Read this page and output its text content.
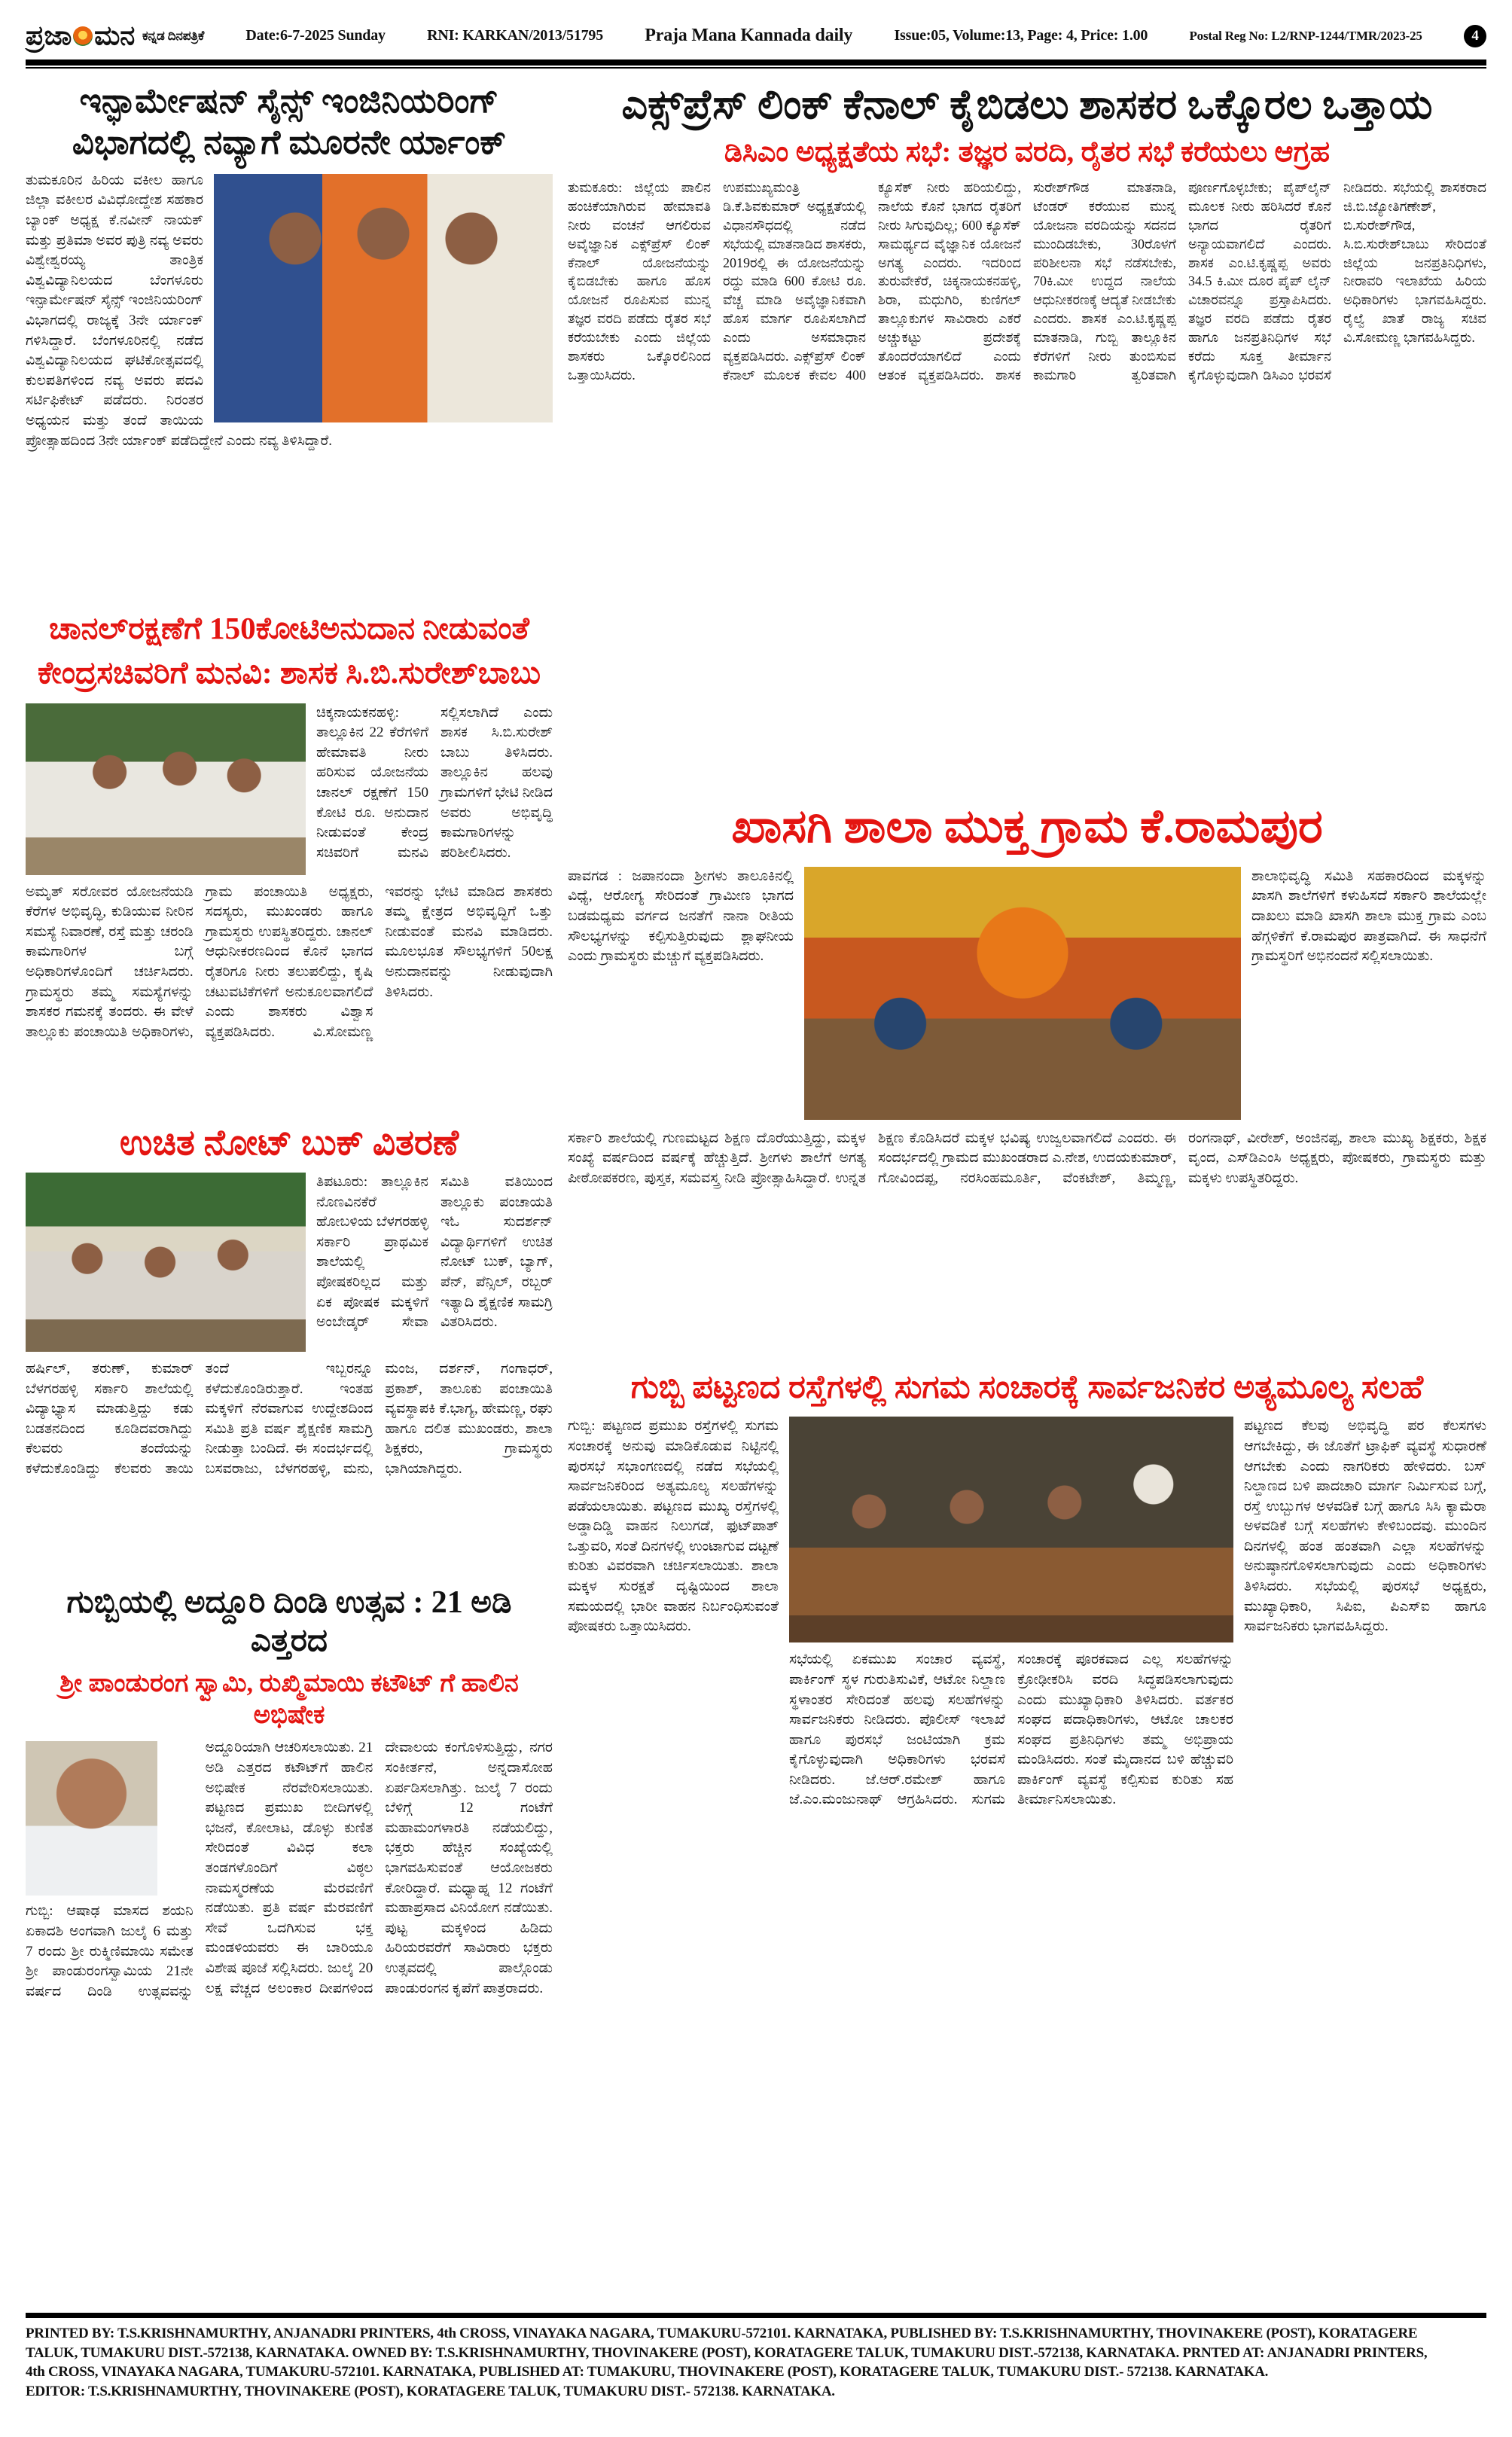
ಪ್ರಜಾ ಮನ ಕನ್ನಡ ದಿನಪತ್ರಿಕೆ	Date:6-7-2025 Sunday	RNI: KARKAN/2013/51795 Praja Mana Kannada daily	Issue:05, Volume:13, Page: 4, Price: 1.00	Postal Reg No: L2/RNP-1244/TMR/2023-25	4
ಇನ್ಫಾರ್ಮೇಷನ್ ಸೈನ್ಸ್ ಇಂಜಿನಿಯರಿಂಗ್ ವಿಭಾಗದಲ್ಲಿ ನವ್ಯಾಗೆ ಮೂರನೇ ರ್ಯಾಂಕ್
ತುಮಕೂರಿನ ಹಿರಿಯ ವಕೀಲ ಹಾಗೂ ಜಿಲ್ಲಾ ವಕೀಲರ ವಿವಿಧೋದ್ದೇಶ ಸಹಕಾರ ಬ್ಯಾಂಕ್ ಅಧ್ಯಕ್ಷ ಕೆ.ನವೀನ್ ನಾಯಕ್ ಮತ್ತು ಪ್ರತಿಮಾ ಅವರ ಪುತ್ರಿ ನವ್ಯ ಅವರು ವಿಶ್ವೇಶ್ವರಯ್ಯ ತಾಂತ್ರಿಕ ವಿಶ್ವವಿದ್ಯಾನಿಲಯದ ಬೆಂಗಳೂರು ಇನ್ಫಾರ್ಮೇಷನ್ ಸೈನ್ಸ್ ಇಂಜಿನಿಯರಿಂಗ್ ವಿಭಾಗದಲ್ಲಿ ರಾಜ್ಯಕ್ಕೆ 3ನೇ ರ್ಯಾಂಕ್ ಗಳಿಸಿದ್ದಾರೆ. ಬೆಂಗಳೂರಿನಲ್ಲಿ ನಡೆದ ವಿಶ್ವವಿದ್ಯಾನಿಲಯದ ಘಟಿಕೋತ್ಸವದಲ್ಲಿ ಕುಲಪತಿಗಳಿಂದ ನವ್ಯ ಅವರು ಪದವಿ ಸರ್ಟಿಫಿಕೇಟ್ ಪಡೆದರು. ನಿರಂತರ ಅಧ್ಯಯನ ಮತ್ತು ತಂದೆ ತಾಯಿಯ ಪ್ರೋತ್ಸಾಹದಿಂದ 3ನೇ ರ್ಯಾಂಕ್ ಪಡೆದಿದ್ದೇನೆ ಎಂದು ನವ್ಯ ತಿಳಿಸಿದ್ದಾರೆ.
ಚಾನಲ್‌ರಕ್ಷಣೆಗೆ 150ಕೋಟಿಅನುದಾನ ನೀಡುವಂತೆ ಕೇಂದ್ರಸಚಿವರಿಗೆ ಮನವಿ: ಶಾಸಕ ಸಿ.ಬಿ.ಸುರೇಶ್‌ಬಾಬು
ಚಿಕ್ಕನಾಯಕನಹಳ್ಳಿ: ತಾಲ್ಲೂಕಿನ 22 ಕೆರೆಗಳಿಗೆ ಹೇಮಾವತಿ ನೀರು ಹರಿಸುವ ಯೋಜನೆಯ ಚಾನಲ್ ರಕ್ಷಣೆಗೆ 150 ಕೋಟಿ ರೂ. ಅನುದಾನ ನೀಡುವಂತೆ ಕೇಂದ್ರ ಸಚಿವರಿಗೆ ಮನವಿ ಸಲ್ಲಿಸಲಾಗಿದೆ ಎಂದು ಶಾಸಕ ಸಿ.ಬಿ.ಸುರೇಶ್ ಬಾಬು ತಿಳಿಸಿದರು. ತಾಲ್ಲೂಕಿನ ಹಲವು ಗ್ರಾಮಗಳಿಗೆ ಭೇಟಿ ನೀಡಿದ ಅವರು ಅಭಿವೃದ್ಧಿ ಕಾಮಗಾರಿಗಳನ್ನು ಪರಿಶೀಲಿಸಿದರು.
ಅಮೃತ್ ಸರೋವರ ಯೋಜನೆಯಡಿ ಕೆರೆಗಳ ಅಭಿವೃದ್ಧಿ, ಕುಡಿಯುವ ನೀರಿನ ಸಮಸ್ಯೆ ನಿವಾರಣೆ, ರಸ್ತೆ ಮತ್ತು ಚರಂಡಿ ಕಾಮಗಾರಿಗಳ ಬಗ್ಗೆ ಅಧಿಕಾರಿಗಳೊಂದಿಗೆ ಚರ್ಚಿಸಿದರು. ಗ್ರಾಮಸ್ಥರು ತಮ್ಮ ಸಮಸ್ಯೆಗಳನ್ನು ಶಾಸಕರ ಗಮನಕ್ಕೆ ತಂದರು. ಈ ವೇಳೆ ತಾಲ್ಲೂಕು ಪಂಚಾಯಿತಿ ಅಧಿಕಾರಿಗಳು, ಗ್ರಾಮ ಪಂಚಾಯಿತಿ ಅಧ್ಯಕ್ಷರು, ಸದಸ್ಯರು, ಮುಖಂಡರು ಹಾಗೂ ಗ್ರಾಮಸ್ಥರು ಉಪಸ್ಥಿತರಿದ್ದರು. ಚಾನಲ್ ಆಧುನೀಕರಣದಿಂದ ಕೊನೆ ಭಾಗದ ರೈತರಿಗೂ ನೀರು ತಲುಪಲಿದ್ದು, ಕೃಷಿ ಚಟುವಟಿಕೆಗಳಿಗೆ ಅನುಕೂಲವಾಗಲಿದೆ ಎಂದು ಶಾಸಕರು ವಿಶ್ವಾಸ ವ್ಯಕ್ತಪಡಿಸಿದರು. ವಿ.ಸೋಮಣ್ಣ ಇವರನ್ನು ಭೇಟಿ ಮಾಡಿದ ಶಾಸಕರು ತಮ್ಮ ಕ್ಷೇತ್ರದ ಅಭಿವೃದ್ಧಿಗೆ ಒತ್ತು ನೀಡುವಂತೆ ಮನವಿ ಮಾಡಿದರು. ಮೂಲಭೂತ ಸೌಲಭ್ಯಗಳಿಗೆ 50ಲಕ್ಷ ಅನುದಾನವನ್ನು ನೀಡುವುದಾಗಿ ತಿಳಿಸಿದರು.
ಉಚಿತ ನೋಟ್ ಬುಕ್ ವಿತರಣೆ
ತಿಪಟೂರು: ತಾಲ್ಲೂಕಿನ ನೊಣವಿನಕೆರೆ ಹೋಬಳಿಯ ಬೆಳಗರಹಳ್ಳಿ ಸರ್ಕಾರಿ ಪ್ರಾಥಮಿಕ ಶಾಲೆಯಲ್ಲಿ ಪೋಷಕರಿಲ್ಲದ ಮತ್ತು ಏಕ ಪೋಷಕ ಮಕ್ಕಳಿಗೆ ಅಂಬೇಡ್ಕರ್ ಸೇವಾ ಸಮಿತಿ ವತಿಯಿಂದ ತಾಲ್ಲೂಕು ಪಂಚಾಯತಿ ಇಓ ಸುದರ್ಶನ್ ವಿದ್ಯಾರ್ಥಿಗಳಿಗೆ ಉಚಿತ ನೋಟ್ ಬುಕ್, ಬ್ಯಾಗ್, ಪೆನ್, ಪೆನ್ಸಿಲ್, ರಬ್ಬರ್ ಇತ್ಯಾದಿ ಶೈಕ್ಷಣಿಕ ಸಾಮಗ್ರಿ ವಿತರಿಸಿದರು.
ಹರ್ಷಿಲ್, ತರುಣ್, ಕುಮಾರ್ ಬೆಳಗರಹಳ್ಳಿ ಸರ್ಕಾರಿ ಶಾಲೆಯಲ್ಲಿ ವಿದ್ಯಾಭ್ಯಾಸ ಮಾಡುತ್ತಿದ್ದು ಕಡು ಬಡತನದಿಂದ ಕೂಡಿದವರಾಗಿದ್ದು ಕೆಲವರು ತಂದೆಯನ್ನು ಕಳೆದುಕೊಂಡಿದ್ದು ಕೆಲವರು ತಾಯಿ ತಂದೆ ಇಬ್ಬರನ್ನೂ ಕಳೆದುಕೊಂಡಿರುತ್ತಾರೆ. ಇಂತಹ ಮಕ್ಕಳಿಗೆ ನೆರವಾಗುವ ಉದ್ದೇಶದಿಂದ ಸಮಿತಿ ಪ್ರತಿ ವರ್ಷ ಶೈಕ್ಷಣಿಕ ಸಾಮಗ್ರಿ ನೀಡುತ್ತಾ ಬಂದಿದೆ. ಈ ಸಂದರ್ಭದಲ್ಲಿ ಬಸವರಾಜು, ಬೆಳಗರಹಳ್ಳಿ, ಮನು, ಮಂಜ, ದರ್ಶನ್, ಗಂಗಾಧರ್, ಪ್ರಕಾಶ್, ತಾಲೂಕು ಪಂಚಾಯಿತಿ ವ್ಯವಸ್ಥಾಪಕಿ ಕೆ.ಭಾಗ್ಯ, ಹೇಮಣ್ಣ, ರಘು ಹಾಗೂ ದಲಿತ ಮುಖಂಡರು, ಶಾಲಾ ಶಿಕ್ಷಕರು, ಗ್ರಾಮಸ್ಥರು ಭಾಗಿಯಾಗಿದ್ದರು.
ಗುಬ್ಬಿಯಲ್ಲಿ ಅದ್ದೂರಿ ದಿಂಡಿ ಉತ್ಸವ : 21 ಅಡಿ ಎತ್ತರದ
ಶ್ರೀ ಪಾಂಡುರಂಗ ಸ್ವಾಮಿ, ರುಖ್ಮಿಮಾಯಿ ಕಟೌಟ್ ಗೆ ಹಾಲಿನ ಅಭಿಷೇಕ
ಗುಬ್ಬಿ: ಆಷಾಢ ಮಾಸದ ಶಯನಿ ಏಕಾದಶಿ ಅಂಗವಾಗಿ ಜುಲೈ 6 ಮತ್ತು 7 ರಂದು ಶ್ರೀ ರುಕ್ಮಿಣಿಮಾಯಿ ಸಮೇತ ಶ್ರೀ ಪಾಂಡುರಂಗಸ್ವಾಮಿಯ 21ನೇ ವರ್ಷದ ದಿಂಡಿ ಉತ್ಸವವನ್ನು ಅದ್ದೂರಿಯಾಗಿ ಆಚರಿಸಲಾಯಿತು. 21 ಅಡಿ ಎತ್ತರದ ಕಟೌಟ್‌ಗೆ ಹಾಲಿನ ಅಭಿಷೇಕ ನೆರವೇರಿಸಲಾಯಿತು. ಪಟ್ಟಣದ ಪ್ರಮುಖ ಬೀದಿಗಳಲ್ಲಿ ಭಜನೆ, ಕೋಲಾಟ, ಡೊಳ್ಳು ಕುಣಿತ ಸೇರಿದಂತೆ ವಿವಿಧ ಕಲಾ ತಂಡಗಳೊಂದಿಗೆ ವಿಠ್ಠಲ ನಾಮಸ್ಮರಣೆಯ ಮೆರವಣಿಗೆ ನಡೆಯಿತು. ಪ್ರತಿ ವರ್ಷ ಮೆರವಣಿಗೆ ಸೇವೆ ಒದಗಿಸುವ ಭಕ್ತ ಮಂಡಳಿಯವರು ಈ ಬಾರಿಯೂ ವಿಶೇಷ ಪೂಜೆ ಸಲ್ಲಿಸಿದರು. ಜುಲೈ 20 ಲಕ್ಷ ವೆಚ್ಚದ ಅಲಂಕಾರ ದೀಪಗಳಿಂದ ದೇವಾಲಯ ಕಂಗೊಳಿಸುತ್ತಿದ್ದು, ನಗರ ಸಂಕೀರ್ತನೆ, ಅನ್ನದಾಸೋಹ ಏರ್ಪಡಿಸಲಾಗಿತ್ತು. ಜುಲೈ 7 ರಂದು ಬೆಳಿಗ್ಗೆ 12 ಗಂಟೆಗೆ ಮಹಾಮಂಗಳಾರತಿ ನಡೆಯಲಿದ್ದು, ಭಕ್ತರು ಹೆಚ್ಚಿನ ಸಂಖ್ಯೆಯಲ್ಲಿ ಭಾಗವಹಿಸುವಂತೆ ಆಯೋಜಕರು ಕೋರಿದ್ದಾರೆ. ಮಧ್ಯಾಹ್ನ 12 ಗಂಟೆಗೆ ಮಹಾಪ್ರಸಾದ ವಿನಿಯೋಗ ನಡೆಯಿತು. ಪುಟ್ಟ ಮಕ್ಕಳಿಂದ ಹಿಡಿದು ಹಿರಿಯರವರೆಗೆ ಸಾವಿರಾರು ಭಕ್ತರು ಉತ್ಸವದಲ್ಲಿ ಪಾಲ್ಗೊಂಡು ಪಾಂಡುರಂಗನ ಕೃಪೆಗೆ ಪಾತ್ರರಾದರು.
ಎಕ್ಸ್‌ಪ್ರೆಸ್ ಲಿಂಕ್ ಕೆನಾಲ್ ಕೈಬಿಡಲು ಶಾಸಕರ ಒಕ್ಕೊರಲ ಒತ್ತಾಯ
ಡಿಸಿಎಂ ಅಧ್ಯಕ್ಷತೆಯ ಸಭೆ: ತಜ್ಞರ ವರದಿ, ರೈತರ ಸಭೆ ಕರೆಯಲು ಆಗ್ರಹ
ತುಮಕೂರು: ಜಿಲ್ಲೆಯ ಪಾಲಿನ ಹಂಚಿಕೆಯಾಗಿರುವ ಹೇಮಾವತಿ ನೀರು ವಂಚನೆ ಆಗಲಿರುವ ಅವೈಜ್ಞಾನಿಕ ಎಕ್ಸ್‌ಪ್ರೆಸ್ ಲಿಂಕ್ ಕೆನಾಲ್ ಯೋಜನೆಯನ್ನು ಕೈಬಿಡಬೇಕು ಹಾಗೂ ಹೊಸ ಯೋಜನೆ ರೂಪಿಸುವ ಮುನ್ನ ತಜ್ಞರ ವರದಿ ಪಡೆದು ರೈತರ ಸಭೆ ಕರೆಯಬೇಕು ಎಂದು ಜಿಲ್ಲೆಯ ಶಾಸಕರು ಒಕ್ಕೊರಲಿನಿಂದ ಒತ್ತಾಯಿಸಿದರು. ಉಪಮುಖ್ಯಮಂತ್ರಿ ಡಿ.ಕೆ.ಶಿವಕುಮಾರ್ ಅಧ್ಯಕ್ಷತೆಯಲ್ಲಿ ವಿಧಾನಸೌಧದಲ್ಲಿ ನಡೆದ ಸಭೆಯಲ್ಲಿ ಮಾತನಾಡಿದ ಶಾಸಕರು, 2019ರಲ್ಲಿ ಈ ಯೋಜನೆಯನ್ನು ರದ್ದು ಮಾಡಿ 600 ಕೋಟಿ ರೂ. ವೆಚ್ಚ ಮಾಡಿ ಅವೈಜ್ಞಾನಿಕವಾಗಿ ಹೊಸ ಮಾರ್ಗ ರೂಪಿಸಲಾಗಿದೆ ಎಂದು ಅಸಮಾಧಾನ ವ್ಯಕ್ತಪಡಿಸಿದರು. ಎಕ್ಸ್‌ಪ್ರೆಸ್ ಲಿಂಕ್ ಕೆನಾಲ್ ಮೂಲಕ ಕೇವಲ 400 ಕ್ಯೂಸೆಕ್ ನೀರು ಹರಿಯಲಿದ್ದು, ನಾಲೆಯ ಕೊನೆ ಭಾಗದ ರೈತರಿಗೆ ನೀರು ಸಿಗುವುದಿಲ್ಲ; 600 ಕ್ಯೂಸೆಕ್ ಸಾಮರ್ಥ್ಯದ ವೈಜ್ಞಾನಿಕ ಯೋಜನೆ ಅಗತ್ಯ ಎಂದರು. ಇದರಿಂದ ತುರುವೇಕೆರೆ, ಚಿಕ್ಕನಾಯಕನಹಳ್ಳಿ, ಶಿರಾ, ಮಧುಗಿರಿ, ಕುಣಿಗಲ್ ತಾಲ್ಲೂಕುಗಳ ಸಾವಿರಾರು ಎಕರೆ ಅಚ್ಚುಕಟ್ಟು ಪ್ರದೇಶಕ್ಕೆ ತೊಂದರೆಯಾಗಲಿದೆ ಎಂದು ಆತಂಕ ವ್ಯಕ್ತಪಡಿಸಿದರು. ಶಾಸಕ ಸುರೇಶ್‌ಗೌಡ ಮಾತನಾಡಿ, ಟೆಂಡರ್ ಕರೆಯುವ ಮುನ್ನ ಯೋಜನಾ ವರದಿಯನ್ನು ಸದನದ ಮುಂದಿಡಬೇಕು, 30ರೊಳಗೆ ಪರಿಶೀಲನಾ ಸಭೆ ನಡೆಸಬೇಕು, 70ಕಿ.ಮೀ ಉದ್ದದ ನಾಲೆಯ ಆಧುನೀಕರಣಕ್ಕೆ ಆದ್ಯತೆ ನೀಡಬೇಕು ಎಂದರು. ಶಾಸಕ ಎಂ.ಟಿ.ಕೃಷ್ಣಪ್ಪ ಮಾತನಾಡಿ, ಗುಬ್ಬಿ ತಾಲ್ಲೂಕಿನ ಕೆರೆಗಳಿಗೆ ನೀರು ತುಂಬಿಸುವ ಕಾಮಗಾರಿ ತ್ವರಿತವಾಗಿ ಪೂರ್ಣಗೊಳ್ಳಬೇಕು; ಪೈಪ್‌ಲೈನ್ ಮೂಲಕ ನೀರು ಹರಿಸಿದರೆ ಕೊನೆ ಭಾಗದ ರೈತರಿಗೆ ಅನ್ಯಾಯವಾಗಲಿದೆ ಎಂದರು. ಶಾಸಕ ಎಂ.ಟಿ.ಕೃಷ್ಣಪ್ಪ ಅವರು 34.5 ಕಿ.ಮೀ ದೂರ ಪೈಪ್ ಲೈನ್ ವಿಚಾರವನ್ನೂ ಪ್ರಸ್ತಾಪಿಸಿದರು. ತಜ್ಞರ ವರದಿ ಪಡೆದು ರೈತರ ಹಾಗೂ ಜನಪ್ರತಿನಿಧಿಗಳ ಸಭೆ ಕರೆದು ಸೂಕ್ತ ತೀರ್ಮಾನ ಕೈಗೊಳ್ಳುವುದಾಗಿ ಡಿಸಿಎಂ ಭರವಸೆ ನೀಡಿದರು. ಸಭೆಯಲ್ಲಿ ಶಾಸಕರಾದ ಜಿ.ಬಿ.ಜ್ಯೋತಿಗಣೇಶ್, ಬಿ.ಸುರೇಶ್‌ಗೌಡ, ಸಿ.ಬಿ.ಸುರೇಶ್‌ಬಾಬು ಸೇರಿದಂತೆ ಜಿಲ್ಲೆಯ ಜನಪ್ರತಿನಿಧಿಗಳು, ನೀರಾವರಿ ಇಲಾಖೆಯ ಹಿರಿಯ ಅಧಿಕಾರಿಗಳು ಭಾಗವಹಿಸಿದ್ದರು. ರೈಲ್ವೆ ಖಾತೆ ರಾಜ್ಯ ಸಚಿವ ವಿ.ಸೋಮಣ್ಣ ಭಾಗವಹಿಸಿದ್ದರು.
ಖಾಸಗಿ ಶಾಲಾ ಮುಕ್ತ ಗ್ರಾಮ ಕೆ.ರಾಮಪುರ
ಪಾವಗಡ : ಜಪಾನಂದಾ ಶ್ರೀಗಳು ತಾಲೂಕಿನಲ್ಲಿ ವಿಧ್ಯೆ, ಆರೋಗ್ಯ ಸೇರಿದಂತೆ ಗ್ರಾಮೀಣ ಭಾಗದ ಬಡಮಧ್ಯಮ ವರ್ಗದ ಜನತೆಗೆ ನಾನಾ ರೀತಿಯ ಸೌಲಭ್ಯಗಳನ್ನು ಕಲ್ಪಿಸುತ್ತಿರುವುದು ಶ್ಲಾಘನೀಯ ಎಂದು ಗ್ರಾಮಸ್ಥರು ಮೆಚ್ಚುಗೆ ವ್ಯಕ್ತಪಡಿಸಿದರು.
ಶಾಲಾಭಿವೃದ್ಧಿ ಸಮಿತಿ ಸಹಕಾರದಿಂದ ಮಕ್ಕಳನ್ನು ಖಾಸಗಿ ಶಾಲೆಗಳಿಗೆ ಕಳುಹಿಸದೆ ಸರ್ಕಾರಿ ಶಾಲೆಯಲ್ಲೇ ದಾಖಲು ಮಾಡಿ ಖಾಸಗಿ ಶಾಲಾ ಮುಕ್ತ ಗ್ರಾಮ ಎಂಬ ಹೆಗ್ಗಳಿಕೆಗೆ ಕೆ.ರಾಮಪುರ ಪಾತ್ರವಾಗಿದೆ. ಈ ಸಾಧನೆಗೆ ಗ್ರಾಮಸ್ಥರಿಗೆ ಅಭಿನಂದನೆ ಸಲ್ಲಿಸಲಾಯಿತು.
ಸರ್ಕಾರಿ ಶಾಲೆಯಲ್ಲಿ ಗುಣಮಟ್ಟದ ಶಿಕ್ಷಣ ದೊರೆಯುತ್ತಿದ್ದು, ಮಕ್ಕಳ ಸಂಖ್ಯೆ ವರ್ಷದಿಂದ ವರ್ಷಕ್ಕೆ ಹೆಚ್ಚುತ್ತಿದೆ. ಶ್ರೀಗಳು ಶಾಲೆಗೆ ಅಗತ್ಯ ಪೀಠೋಪಕರಣ, ಪುಸ್ತಕ, ಸಮವಸ್ತ್ರ ನೀಡಿ ಪ್ರೋತ್ಸಾಹಿಸಿದ್ದಾರೆ. ಉನ್ನತ ಶಿಕ್ಷಣ ಕೊಡಿಸಿದರೆ ಮಕ್ಕಳ ಭವಿಷ್ಯ ಉಜ್ವಲವಾಗಲಿದೆ ಎಂದರು. ಈ ಸಂದರ್ಭದಲ್ಲಿ ಗ್ರಾಮದ ಮುಖಂಡರಾದ ಎ.ನೇಶ, ಉದಯಕುಮಾರ್, ಗೋವಿಂದಪ್ಪ, ನರಸಿಂಹಮೂರ್ತಿ, ವೆಂಕಟೇಶ್, ತಿಮ್ಮಣ್ಣ, ರಂಗನಾಥ್, ವೀರೇಶ್, ಅಂಜಿನಪ್ಪ, ಶಾಲಾ ಮುಖ್ಯ ಶಿಕ್ಷಕರು, ಶಿಕ್ಷಕ ವೃಂದ, ಎಸ್‌ಡಿಎಂಸಿ ಅಧ್ಯಕ್ಷರು, ಪೋಷಕರು, ಗ್ರಾಮಸ್ಥರು ಮತ್ತು ಮಕ್ಕಳು ಉಪಸ್ಥಿತರಿದ್ದರು.
ಗುಬ್ಬಿ ಪಟ್ಟಣದ ರಸ್ತೆಗಳಲ್ಲಿ ಸುಗಮ ಸಂಚಾರಕ್ಕೆ ಸಾರ್ವಜನಿಕರ ಅತ್ಯಮೂಲ್ಯ ಸಲಹೆ
ಗುಬ್ಬಿ: ಪಟ್ಟಣದ ಪ್ರಮುಖ ರಸ್ತೆಗಳಲ್ಲಿ ಸುಗಮ ಸಂಚಾರಕ್ಕೆ ಅನುವು ಮಾಡಿಕೊಡುವ ನಿಟ್ಟಿನಲ್ಲಿ ಪುರಸಭೆ ಸಭಾಂಗಣದಲ್ಲಿ ನಡೆದ ಸಭೆಯಲ್ಲಿ ಸಾರ್ವಜನಿಕರಿಂದ ಅತ್ಯಮೂಲ್ಯ ಸಲಹೆಗಳನ್ನು ಪಡೆಯಲಾಯಿತು. ಪಟ್ಟಣದ ಮುಖ್ಯ ರಸ್ತೆಗಳಲ್ಲಿ ಅಡ್ಡಾದಿಡ್ಡಿ ವಾಹನ ನಿಲುಗಡೆ, ಫುಟ್‌ಪಾತ್ ಒತ್ತುವರಿ, ಸಂತೆ ದಿನಗಳಲ್ಲಿ ಉಂಟಾಗುವ ದಟ್ಟಣೆ ಕುರಿತು ವಿವರವಾಗಿ ಚರ್ಚಿಸಲಾಯಿತು. ಶಾಲಾ ಮಕ್ಕಳ ಸುರಕ್ಷತೆ ದೃಷ್ಟಿಯಿಂದ ಶಾಲಾ ಸಮಯದಲ್ಲಿ ಭಾರೀ ವಾಹನ ನಿರ್ಬಂಧಿಸುವಂತೆ ಪೋಷಕರು ಒತ್ತಾಯಿಸಿದರು.
ಸಭೆಯಲ್ಲಿ ಏಕಮುಖ ಸಂಚಾರ ವ್ಯವಸ್ಥೆ, ಪಾರ್ಕಿಂಗ್ ಸ್ಥಳ ಗುರುತಿಸುವಿಕೆ, ಆಟೋ ನಿಲ್ದಾಣ ಸ್ಥಳಾಂತರ ಸೇರಿದಂತೆ ಹಲವು ಸಲಹೆಗಳನ್ನು ಸಾರ್ವಜನಿಕರು ನೀಡಿದರು. ಪೊಲೀಸ್ ಇಲಾಖೆ ಹಾಗೂ ಪುರಸಭೆ ಜಂಟಿಯಾಗಿ ಕ್ರಮ ಕೈಗೊಳ್ಳುವುದಾಗಿ ಅಧಿಕಾರಿಗಳು ಭರವಸೆ ನೀಡಿದರು. ಜೆ.ಆರ್.ರಮೇಶ್ ಹಾಗೂ ಜೆ.ಎಂ.ಮಂಜುನಾಥ್ ಆಗ್ರಹಿಸಿದರು. ಸುಗಮ ಸಂಚಾರಕ್ಕೆ ಪೂರಕವಾದ ಎಲ್ಲ ಸಲಹೆಗಳನ್ನು ಕ್ರೋಢೀಕರಿಸಿ ವರದಿ ಸಿದ್ಧಪಡಿಸಲಾಗುವುದು ಎಂದು ಮುಖ್ಯಾಧಿಕಾರಿ ತಿಳಿಸಿದರು. ವರ್ತಕರ ಸಂಘದ ಪದಾಧಿಕಾರಿಗಳು, ಆಟೋ ಚಾಲಕರ ಸಂಘದ ಪ್ರತಿನಿಧಿಗಳು ತಮ್ಮ ಅಭಿಪ್ರಾಯ ಮಂಡಿಸಿದರು. ಸಂತೆ ಮೈದಾನದ ಬಳಿ ಹೆಚ್ಚುವರಿ ಪಾರ್ಕಿಂಗ್ ವ್ಯವಸ್ಥೆ ಕಲ್ಪಿಸುವ ಕುರಿತು ಸಹ ತೀರ್ಮಾನಿಸಲಾಯಿತು.
ಪಟ್ಟಣದ ಕೆಲವು ಅಭಿವೃದ್ಧಿ ಪರ ಕೆಲಸಗಳು ಆಗಬೇಕಿದ್ದು, ಈ ಜೊತೆಗೆ ಟ್ರಾಫಿಕ್ ವ್ಯವಸ್ಥೆ ಸುಧಾರಣೆ ಆಗಬೇಕು ಎಂದು ನಾಗರಿಕರು ಹೇಳಿದರು. ಬಸ್ ನಿಲ್ದಾಣದ ಬಳಿ ಪಾದಚಾರಿ ಮಾರ್ಗ ನಿರ್ಮಿಸುವ ಬಗ್ಗೆ, ರಸ್ತೆ ಉಬ್ಬುಗಳ ಅಳವಡಿಕೆ ಬಗ್ಗೆ ಹಾಗೂ ಸಿಸಿ ಕ್ಯಾಮೆರಾ ಅಳವಡಿಕೆ ಬಗ್ಗೆ ಸಲಹೆಗಳು ಕೇಳಿಬಂದವು. ಮುಂದಿನ ದಿನಗಳಲ್ಲಿ ಹಂತ ಹಂತವಾಗಿ ಎಲ್ಲಾ ಸಲಹೆಗಳನ್ನು ಅನುಷ್ಠಾನಗೊಳಿಸಲಾಗುವುದು ಎಂದು ಅಧಿಕಾರಿಗಳು ತಿಳಿಸಿದರು. ಸಭೆಯಲ್ಲಿ ಪುರಸಭೆ ಅಧ್ಯಕ್ಷರು, ಮುಖ್ಯಾಧಿಕಾರಿ, ಸಿಪಿಐ, ಪಿಎಸ್‌ಐ ಹಾಗೂ ಸಾರ್ವಜನಿಕರು ಭಾಗವಹಿಸಿದ್ದರು.
PRINTED BY: T.S.KRISHNAMURTHY, ANJANADRI PRINTERS, 4th CROSS, VINAYAKA NAGARA, TUMAKURU-572101. KARNATAKA, PUBLISHED BY: T.S.KRISHNAMURTHY, THOVINAKERE (POST), KORATAGERE
TALUK, TUMAKURU DIST.-572138, KARNATAKA. OWNED BY: T.S.KRISHNAMURTHY, THOVINAKERE (POST), KORATAGERE TALUK, TUMAKURU DIST.-572138, KARNATAKA. PRNTED AT: ANJANADRI PRINTERS,
4th CROSS, VINAYAKA NAGARA, TUMAKURU-572101. KARNATAKA, PUBLISHED AT: TUMAKURU, THOVINAKERE (POST), KORATAGERE TALUK, TUMAKURU DIST.- 572138. KARNATAKA.
EDITOR: T.S.KRISHNAMURTHY, THOVINAKERE (POST), KORATAGERE TALUK, TUMAKURU DIST.- 572138. KARNATAKA.
